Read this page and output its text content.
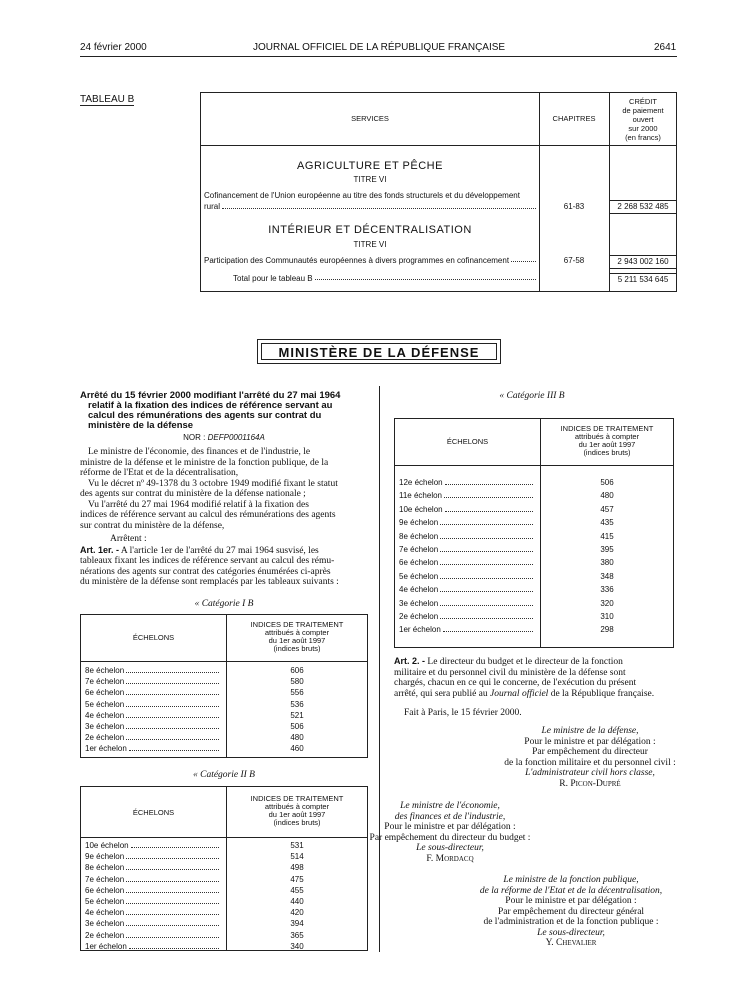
24 février 2000	JOURNAL OFFICIEL DE LA RÉPUBLIQUE FRANÇAISE	2641
TABLEAU B
SERVICES	CHAPITRES
CRÉDIT
de paiement
ouvert
sur 2000
(en francs)
AGRICULTURE ET PÊCHE
TITRE VI
Cofinancement de l'Union européenne au titre des fonds structurels et du développement
rural	61-83	2 268 532 485
INTÉRIEUR ET DÉCENTRALISATION
TITRE VI
Participation des Communautés européennes à divers programmes en cofinancement	67-58	2 943 002 160
Total pour le tableau B	5 211 534 645
MINISTÈRE DE LA DÉFENSE
Arrêté du 15 février 2000 modifiant l'arrêté du 27 mai 1964
relatif à la fixation des indices de référence servant au
calcul des rémunérations des agents sur contrat du
ministère de la défense
NOR : DEFP0001164A
Le ministre de l'économie, des finances et de l'industrie, le
ministre de la défense et le ministre de la fonction publique, de la
réforme de l'Etat et de la décentralisation,
Vu le décret nº 49-1378 du 3 octobre 1949 modifié fixant le statut
des agents sur contrat du ministère de la défense nationale ;
Vu l'arrêté du 27 mai 1964 modifié relatif à la fixation des
indices de référence servant au calcul des rémunérations des agents
sur contrat du ministère de la défense,
Arrêtent :
Art. 1er. - A l'article 1er de l'arrêté du 27 mai 1964 susvisé, les
tableaux fixant les indices de référence servant au calcul des rému-
nérations des agents sur contrat des catégories énumérées ci-après
du ministère de la défense sont remplacés par les tableaux suivants :
« Catégorie I B
ÉCHELONS
INDICES DE TRAITEMENT
attribués à compter
du 1er août 1997
(indices bruts)
8e échelon	606
7e échelon	580
6e échelon	556
5e échelon	536
4e échelon	521
3e échelon	506
2e échelon	480
1er échelon	460
« Catégorie II B
ÉCHELONS
INDICES DE TRAITEMENT
attribués à compter
du 1er août 1997
(indices bruts)
10e échelon	531
9e échelon	514
8e échelon	498
7e échelon	475
6e échelon	455
5e échelon	440
4e échelon	420
3e échelon	394
2e échelon	365
1er échelon	340
« Catégorie III B
ÉCHELONS
INDICES DE TRAITEMENT
attribués à compter
du 1er août 1997
(indices bruts)
12e échelon	506
11e échelon	480
10e échelon	457
9e échelon	435
8e échelon	415
7e échelon	395
6e échelon	380
5e échelon	348
4e échelon	336
3e échelon	320
2e échelon	310
1er échelon	298
Art. 2. - Le directeur du budget et le directeur de la fonction
militaire et du personnel civil du ministère de la défense sont
chargés, chacun en ce qui le concerne, de l'exécution du présent
arrêté, qui sera publié au Journal officiel de la République française.
Fait à Paris, le 15 février 2000.
Le ministre de la défense,
Pour le ministre et par délégation :
Par empêchement du directeur
de la fonction militaire et du personnel civil :
L'administrateur civil hors classe,
R. Picon-Dupré
Le ministre de l'économie,
des finances et de l'industrie,
Pour le ministre et par délégation :
Par empêchement du directeur du budget :
Le sous-directeur,
F. Mordacq
Le ministre de la fonction publique,
de la réforme de l'Etat et de la décentralisation,
Pour le ministre et par délégation :
Par empêchement du directeur général
de l'administration et de la fonction publique :
Le sous-directeur,
Y. Chevalier
